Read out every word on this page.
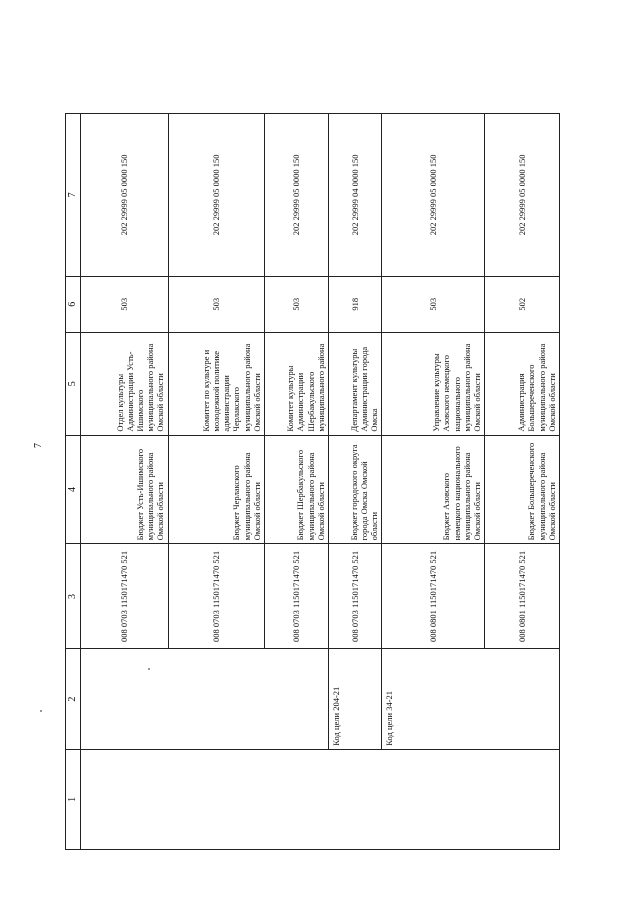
7
1	2	3	4	5	6	7
		008 0703 1150171470 521	Бюджет Усть-Ишимского муниципального района Омской области	Отдел культуры Администрации Усть-Ишимского муниципального района Омской области	503	202 29999 05 0000 150
		008 0703 1150171470 521	Бюджет Черлакского муниципального района Омской области	Комитет по культуре и молодежной политике администрации Черлакского муниципального района Омской области	503	202 29999 05 0000 150
		008 0703 1150171470 521	Бюджет Шербакульского муниципального района Омской области	Комитет культуры Администрации Шербакульского муниципального района	503	202 29999 05 0000 150
	Код цели 204-21	008 0703 1150171470 521	Бюджет городского округа города Омска Омской области	Департамент культуры Администрации города Омска	918	202 29999 04 0000 150
	Код цели 34-21	008 0801 1150171470 521	Бюджет Азовского немецкого национального муниципального района Омской области	Управление культуры Азовского немецкого национального муниципального района Омской области	503	202 29999 05 0000 150
		008 0801 1150171470 521	Бюджет Большереченского муниципального района Омской области	Администрация Большереченского муниципального района Омской области	502	202 29999 05 0000 150
